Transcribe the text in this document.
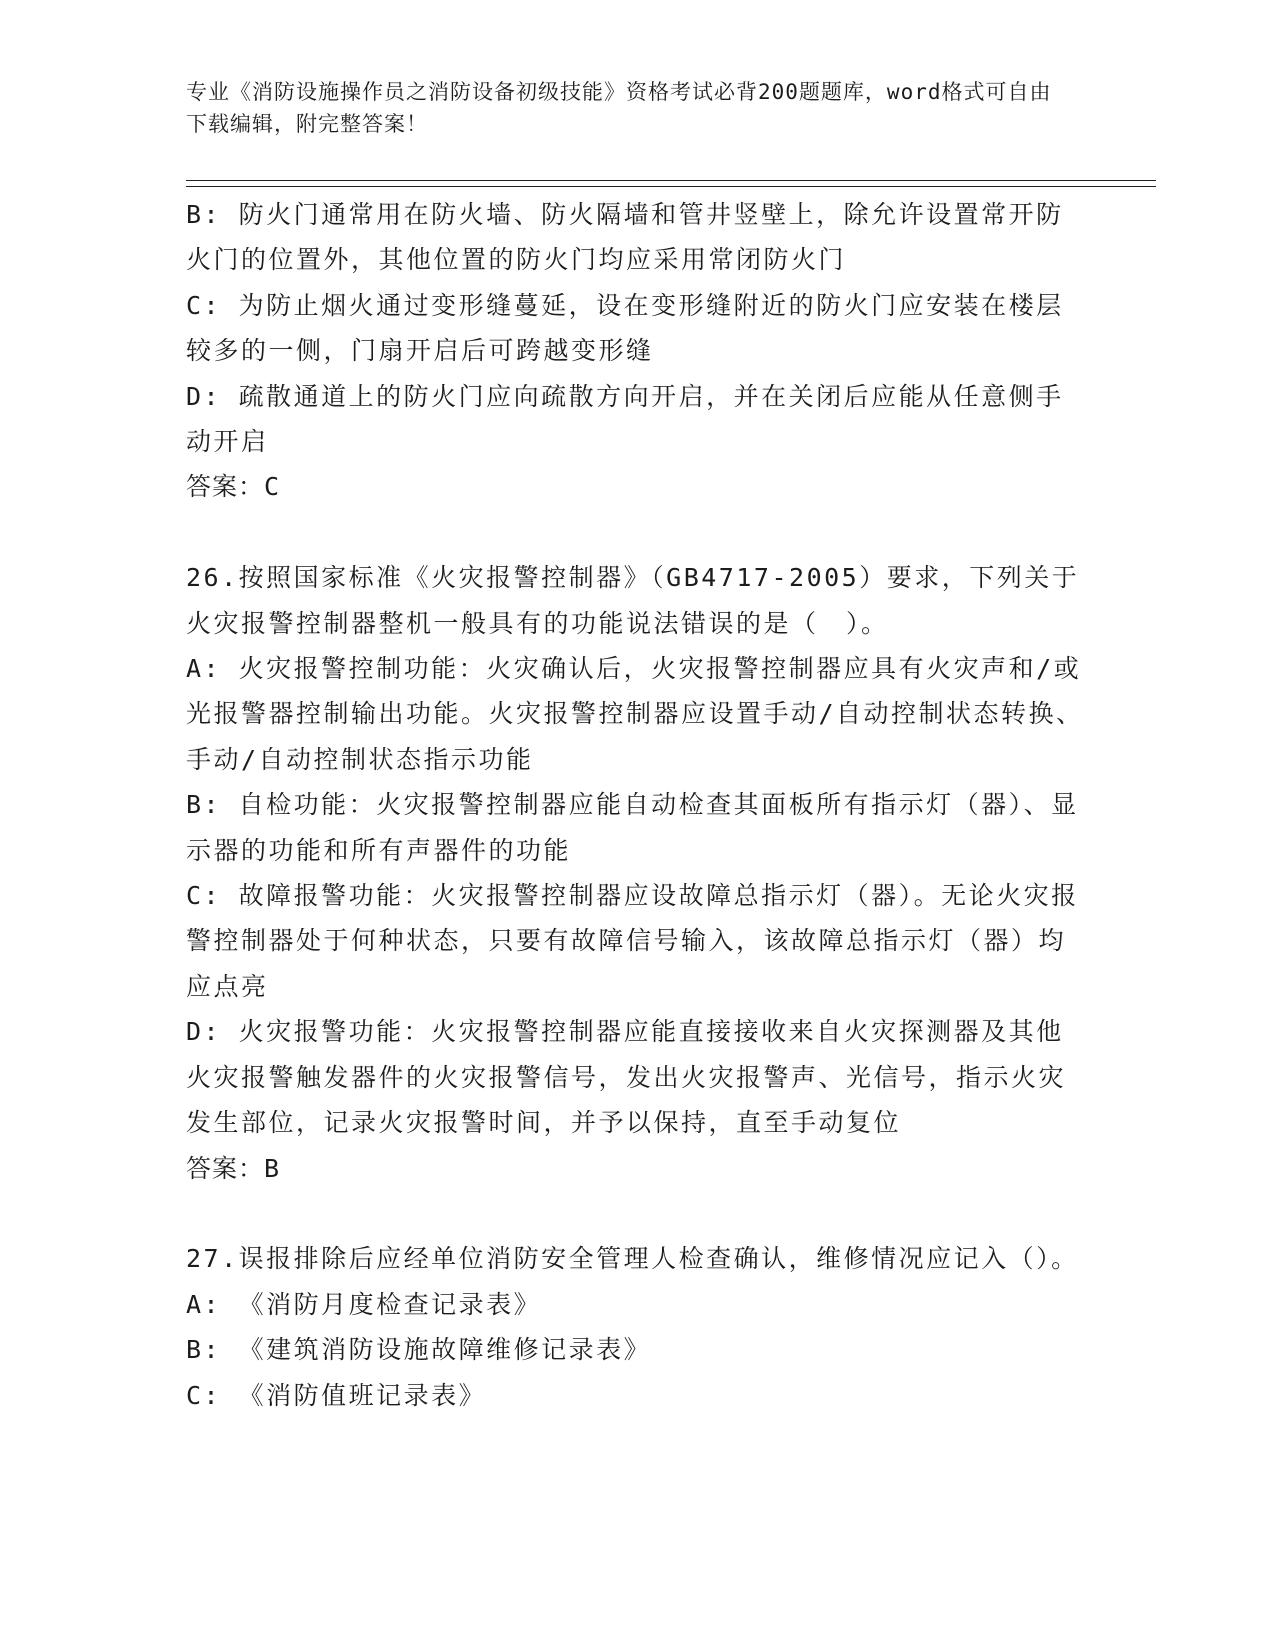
专业《消防设施操作员之消防设备初级技能》资格考试必背200题题库，word格式可自由下载编辑，附完整答案！

B: 防火门通常用在防火墙、防火隔墙和管井竖壁上，除允许设置常开防火门的位置外，其他位置的防火门均应采用常闭防火门

C: 为防止烟火通过变形缝蔓延，设在变形缝附近的防火门应安装在楼层较多的一侧，门扇开启后可跨越变形缝

D: 疏散通道上的防火门应向疏散方向开启，并在关闭后应能从任意侧手动开启

答案：C

26.按照国家标准《火灾报警控制器》（GB4717-2005）要求，下列关于火灾报警控制器整机一般具有的功能说法错误的是（　）。

A: 火灾报警控制功能：火灾确认后，火灾报警控制器应具有火灾声和/或光报警器控制输出功能。火灾报警控制器应设置手动/自动控制状态转换、手动/自动控制状态指示功能

B: 自检功能：火灾报警控制器应能自动检查其面板所有指示灯（器）、显示器的功能和所有声器件的功能

C: 故障报警功能：火灾报警控制器应设故障总指示灯（器）。无论火灾报警控制器处于何种状态，只要有故障信号输入，该故障总指示灯（器）均应点亮

D: 火灾报警功能：火灾报警控制器应能直接接收来自火灾探测器及其他火灾报警触发器件的火灾报警信号，发出火灾报警声、光信号，指示火灾发生部位，记录火灾报警时间，并予以保持，直至手动复位

答案：B

27.误报排除后应经单位消防安全管理人检查确认，维修情况应记入（）。

A: 《消防月度检查记录表》

B: 《建筑消防设施故障维修记录表》

C: 《消防值班记录表》
